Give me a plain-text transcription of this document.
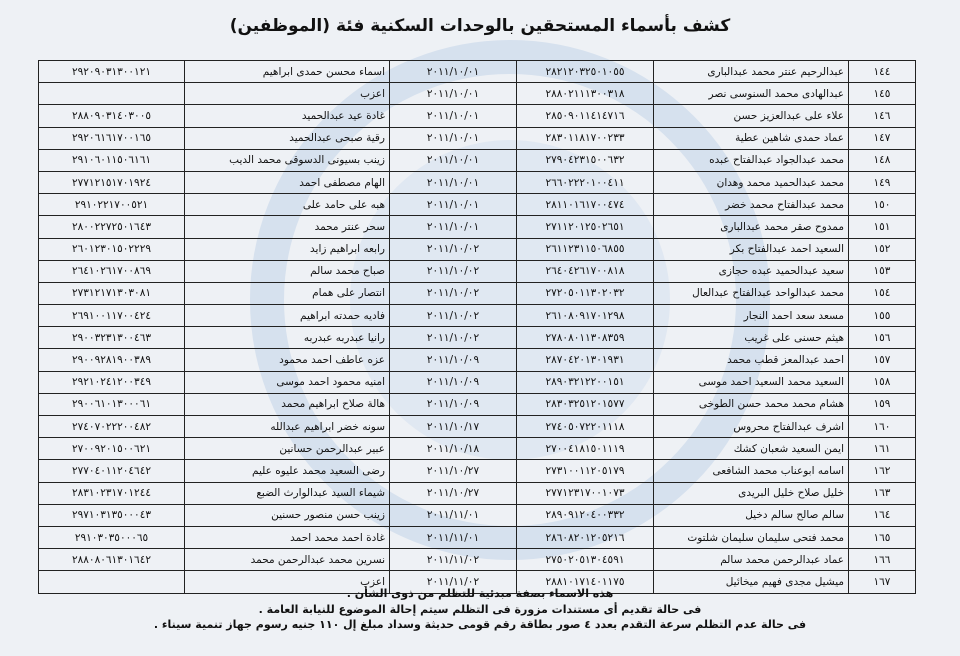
كشف بأسماء المستحقين بالوحدات السكنية فئة (الموظفين)
١٤٤	عبدالرحيم عنتر محمد عبدالبارى	٢٨٢١٢٠٣٢٥٠١٠٥٥	٢٠١١/١٠/٠١	اسماء محسن حمدى ابراهيم	٢٩٢٠٩٠٣١٣٠٠١٢١
١٤٥	عبدالهادى محمد السنوسى نصر	٢٨٨٠٢١١١٣٠٠٣١٨	٢٠١١/١٠/٠١	اعزب	
١٤٦	علاء على عبدالعزيز حسن	٢٨٥٠٩٠١١٤١٤٧١٦	٢٠١١/١٠/٠١	غادة عيد عبدالحميد	٢٨٨٠٩٠٣١٤٠٣٠٠٥
١٤٧	عماد حمدى شاهين عطية	٢٨٣٠١١٨١٧٠٠٢٣٣	٢٠١١/١٠/٠١	رقية صبحى عبدالحميد	٢٩٢٠٦١٦١٧٠٠١٦٥
١٤٨	محمد عبدالجواد عبدالفتاح عبده	٢٧٩٠٤٢٣١٥٠٠٦٣٢	٢٠١١/١٠/٠١	زينب بسيونى الدسوقى محمد الديب	٢٩١٠٦٠١١٥٠٦١٦١
١٤٩	محمد عبدالحميد محمد وهدان	٢٦٦٠٢٢٢٠١٠٠٤١١	٢٠١١/١٠/٠١	الهام مصطفى احمد	٢٧٧١٢١٥١٧٠١٩٢٤
١٥٠	محمد عبدالفتاح محمد خضر	٢٨١١٠١٦١٧٠٠٤٧٤	٢٠١١/١٠/٠١	هبه على حامد على	٢٩١٠٢٢١٧٠٠٥٢١
١٥١	ممدوح صقر محمد عبدالبارى	٢٧١١٢٠١٢٥٠٢٦٥١	٢٠١١/١٠/٠١	سحر عنتر محمد	٢٨٠٠٢٢٧٢٥٠١٦٤٣
١٥٢	السعيد احمد عبدالفتاح بكر	٢٦١١٢٣١١٥٠٦٨٥٥	٢٠١١/١٠/٠٢	رابعه ابراهيم زايد	٢٦٠١٢٣٠١٥٠٢٢٢٩
١٥٣	سعيد عبدالحميد عبده حجازى	٢٦٤٠٤٢٦١٧٠٠٨١٨	٢٠١١/١٠/٠٢	صباح محمد سالم	٢٦٤١٠٢٦١٧٠٠٨٦٩
١٥٤	محمد عبدالواحد عبدالفتاح عبدالعال	٢٧٢٠٥٠١١٣٠٢٠٣٢	٢٠١١/١٠/٠٢	انتصار على همام	٢٧٣١٢١٧١٣٠٣٠٨١
١٥٥	مسعد سعد احمد النجار	٢٦١٠٨٠٩١٧٠١٢٩٨	٢٠١١/١٠/٠٢	فاديه حمدته ابراهيم	٢٦٩١٠٠١١٧٠٠٤٢٤
١٥٦	هيثم حسنى على غريب	٢٧٨٠٨٠١١٣٠٨٣٥٩	٢٠١١/١٠/٠٢	رانيا عبدربه عبدربه	٢٩٠٠٣٢٣١٣٠٠٤٦٣
١٥٧	احمد عبدالمعز قطب محمد	٢٨٧٠٤٢٠١٣٠١٩٣١	٢٠١١/١٠/٠٩	عزه عاطف احمد محمود	٢٩٠٠٩٢٨١٩٠٠٣٨٩
١٥٨	السعيد محمد السعيد احمد موسى	٢٨٩٠٣٢١٢٢٠٠١٥١	٢٠١١/١٠/٠٩	امنيه محمود احمد موسى	٢٩٢١٠٢٤١٢٠٠٣٤٩
١٥٩	هشام محمد محمد حسن الطوخى	٢٨٣٠٣٢٥١٢٠١٥٧٧	٢٠١١/١٠/٠٩	هالة صلاح ابراهيم محمد	٢٩٠٠٦١٠١٣٠٠٠٦١
١٦٠	اشرف عبدالفتاح محروس	٢٧٤٠٥٠٧٢٢٠١١١٨	٢٠١١/١٠/١٧	سونه خضر ابراهيم عبدالله	٢٧٤٠٧٠٢٢٢٠٠٤٨٢
١٦١	ايمن السعيد شعبان كشك	٢٧٠٠٤١٨١٥٠١١١٩	٢٠١١/١٠/١٨	عبير عبدالرحمن حسانين	٢٧٠٠٩٢٠١٥٠٠٦٢١
١٦٢	اسامه ابوعناب محمد الشافعى	٢٧٣١٠٠١١٢٠٥١٧٩	٢٠١١/١٠/٢٧	رضى السعيد محمد عليوه عليم	٢٧٧٠٤٠١١٢٠٤٦٤٢
١٦٣	خليل صلاح خليل البريدى	٢٧٧١٢٣١٧٠٠١٠٧٣	٢٠١١/١٠/٢٧	شيماء السيد عبدالوارث الضبع	٢٨٣١٠٢٣١٧٠١٢٤٤
١٦٤	سالم صالح سالم دخيل	٢٨٩٠٩١٢٠٤٠٠٣٣٢	٢٠١١/١١/٠١	زينب حسن منصور حسنين	٢٩٧١٠٣١٣٥٠٠٠٤٣
١٦٥	محمد فتحى سليمان سليمان شلتوت	٢٨٦٠٨٢٠١٢٠٥٢١٦	٢٠١١/١١/٠١	غادة احمد محمد احمد	٢٩١٠٣٠٣٥٠٠٠٦٥
١٦٦	عماد عبدالرحمن محمد سالم	٢٧٥٠٢٠٥١٣٠٤٥٩١	٢٠١١/١١/٠٢	نسرين محمد عبدالرحمن محمد	٢٨٨٠٨٠٦١٣٠١٦٤٢
١٦٧	ميشيل مجدى فهيم ميخائيل	٢٨٨١٠١٧١٤٠١١٧٥	٢٠١١/١١/٠٢	اعزب	
هذه الاسماء بصفة مبدئية للتظلم من ذوى الشأن .
فى حالة تقديم أى مستندات مزورة فى التظلم سيتم إحالة الموضوع للنيابة العامة .
فى حالة عدم التظلم سرعة التقدم بعدد ٤ صور بطاقة رقم قومى حديثة وسداد مبلغ إل ١١٠ جنيه رسوم جهاز تنمية سيناء .
